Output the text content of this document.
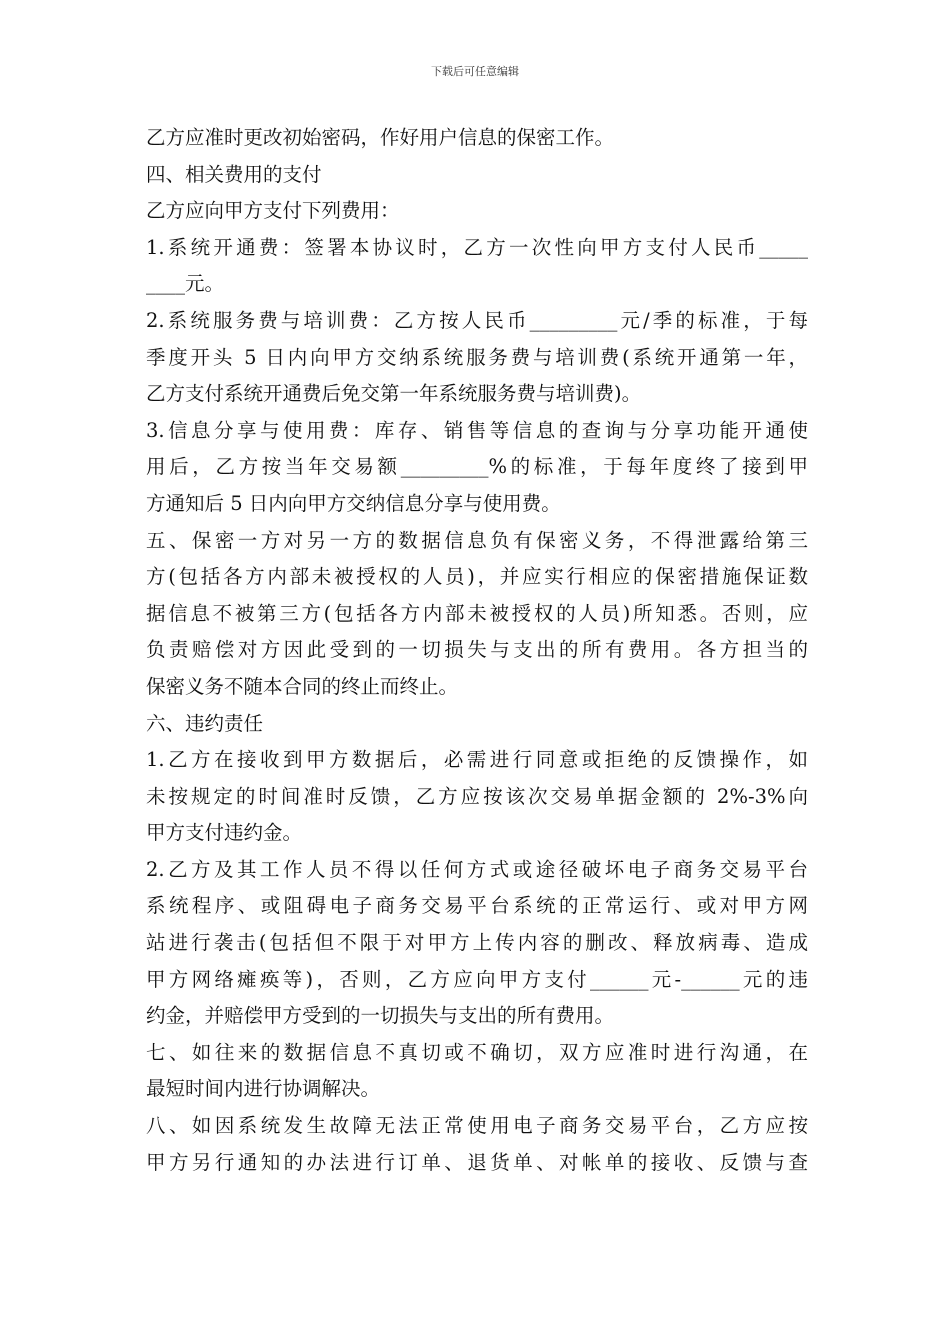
下载后可任意编辑
乙方应准时更改初始密码，作好用户信息的保密工作。
四、相关费用的支付
乙方应向甲方支付下列费用：
1.系统开通费：签署本协议时，乙方一次性向甲方支付人民币_____
____元。
2.系统服务费与培训费：乙方按人民币_________元/季的标准，于每
季度开头 5 日内向甲方交纳系统服务费与培训费(系统开通第一年，
乙方支付系统开通费后免交第一年系统服务费与培训费)。
3.信息分享与使用费：库存、销售等信息的查询与分享功能开通使
用后，乙方按当年交易额_________%的标准，于每年度终了接到甲
方通知后 5 日内向甲方交纳信息分享与使用费。
五、保密一方对另一方的数据信息负有保密义务，不得泄露给第三
方(包括各方内部未被授权的人员)，并应实行相应的保密措施保证数
据信息不被第三方(包括各方内部未被授权的人员)所知悉。否则，应
负责赔偿对方因此受到的一切损失与支出的所有费用。各方担当的
保密义务不随本合同的终止而终止。
六、违约责任
1.乙方在接收到甲方数据后，必需进行同意或拒绝的反馈操作，如
未按规定的时间准时反馈，乙方应按该次交易单据金额的 2%-3%向
甲方支付违约金。
2.乙方及其工作人员不得以任何方式或途径破坏电子商务交易平台
系统程序、或阻碍电子商务交易平台系统的正常运行、或对甲方网
站进行袭击(包括但不限于对甲方上传内容的删改、释放病毒、造成
甲方网络瘫痪等)，否则，乙方应向甲方支付______元-______元的违
约金，并赔偿甲方受到的一切损失与支出的所有费用。
七、如往来的数据信息不真切或不确切，双方应准时进行沟通，在
最短时间内进行协调解决。
八、如因系统发生故障无法正常使用电子商务交易平台，乙方应按
甲方另行通知的办法进行订单、退货单、对帐单的接收、反馈与查
